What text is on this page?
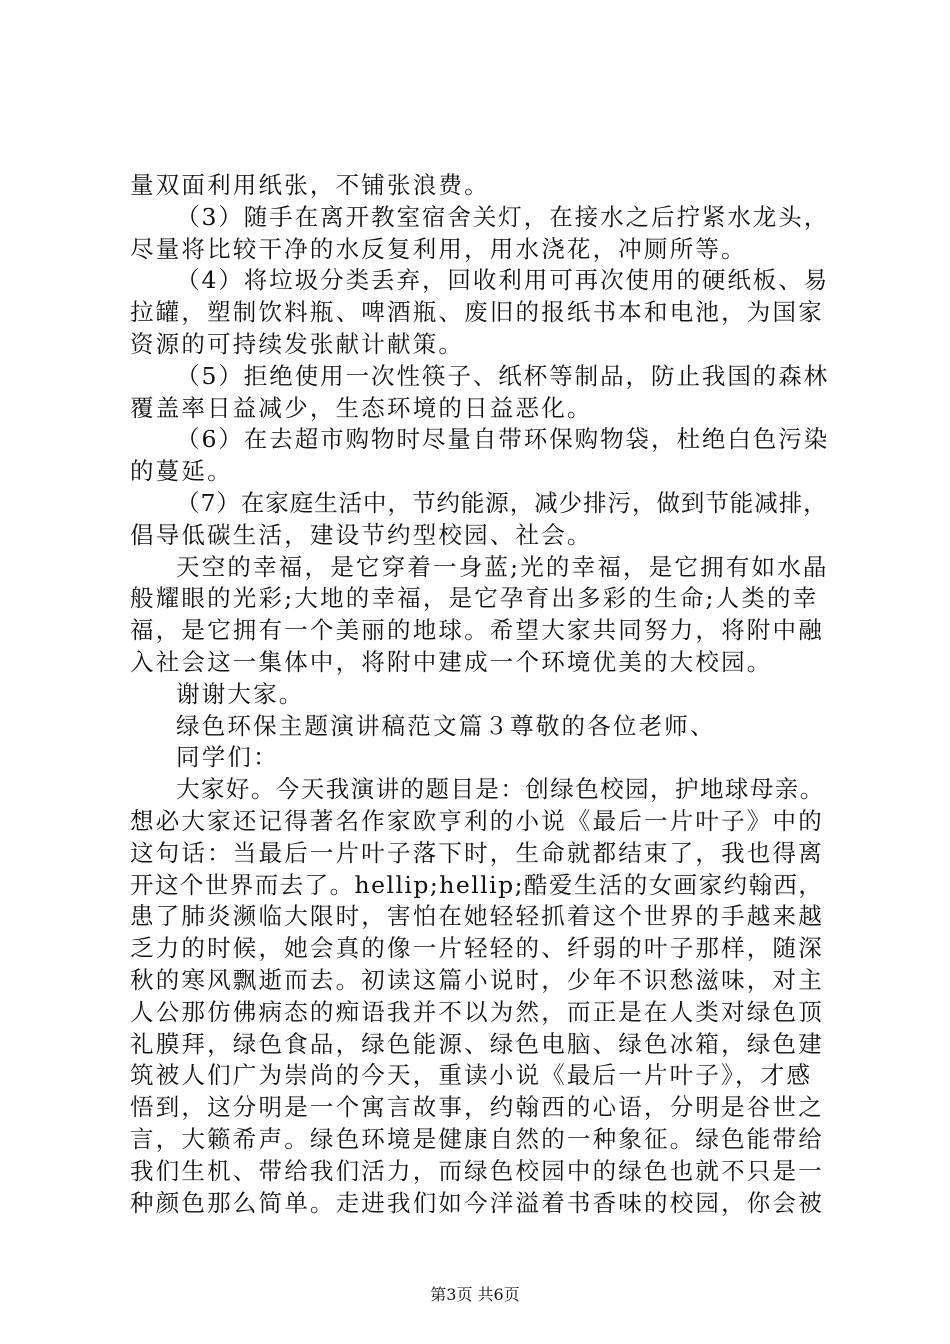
量双面利用纸张，不铺张浪费。
（3）随手在离开教室宿舍关灯，在接水之后拧紧水龙头，
尽量将比较干净的水反复利用，用水浇花，冲厕所等。
（4）将垃圾分类丢弃，回收利用可再次使用的硬纸板、易
拉罐，塑制饮料瓶、啤酒瓶、废旧的报纸书本和电池，为国家
资源的可持续发张献计献策。
（5）拒绝使用一次性筷子、纸杯等制品，防止我国的森林
覆盖率日益减少，生态环境的日益恶化。
（6）在去超市购物时尽量自带环保购物袋，杜绝白色污染
的蔓延。
（7）在家庭生活中，节约能源，减少排污，做到节能减排，
倡导低碳生活，建设节约型校园、社会。
天空的幸福，是它穿着一身蓝;光的幸福，是它拥有如水晶
般耀眼的光彩;大地的幸福，是它孕育出多彩的生命;人类的幸
福，是它拥有一个美丽的地球。希望大家共同努力，将附中融
入社会这一集体中，将附中建成一个环境优美的大校园。
谢谢大家。
绿色环保主题演讲稿范文篇３尊敬的各位老师、
同学们：
大家好。今天我演讲的题目是：创绿色校园，护地球母亲。
想必大家还记得著名作家欧亨利的小说《最后一片叶子》中的
这句话：当最后一片叶子落下时，生命就都结束了，我也得离
开这个世界而去了。hellip;hellip;酷爱生活的女画家约翰西，
患了肺炎濒临大限时，害怕在她轻轻抓着这个世界的手越来越
乏力的时候，她会真的像一片轻轻的、纤弱的叶子那样，随深
秋的寒风飘逝而去。初读这篇小说时，少年不识愁滋味，对主
人公那仿佛病态的痴语我并不以为然，而正是在人类对绿色顶
礼膜拜，绿色食品，绿色能源、绿色电脑、绿色冰箱，绿色建
筑被人们广为崇尚的今天，重读小说《最后一片叶子》，才感
悟到，这分明是一个寓言故事，约翰西的心语，分明是谷世之
言，大籁希声。绿色环境是健康自然的一种象征。绿色能带给
我们生机、带给我们活力，而绿色校园中的绿色也就不只是一
种颜色那么简单。走进我们如今洋溢着书香味的校园，你会被
第3页 共6页
